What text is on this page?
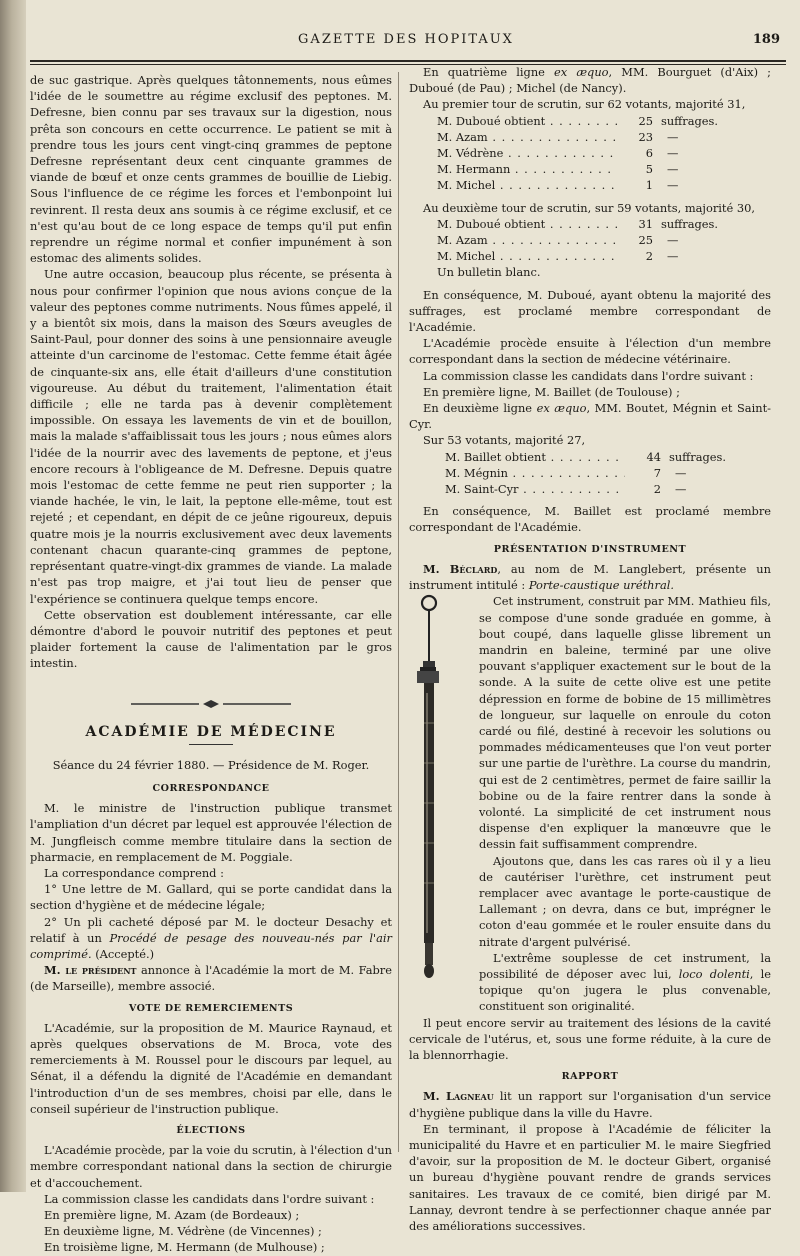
GAZETTE DES HOPITAUX	189

de suc gastrique. Après quelques tâtonnements, nous eûmes l'idée de le soumettre au régime exclusif des peptones. M. Defresne, bien connu par ses travaux sur la digestion, nous prêta son concours en cette occurrence. Le patient se mit à prendre tous les jours cent vingt-cinq grammes de peptone Defresne représentant deux cent cinquante grammes de viande de bœuf et onze cents grammes de bouillie de Liebig. Sous l'influence de ce régime les forces et l'embonpoint lui revinrent. Il resta deux ans soumis à ce régime exclusif, et ce n'est qu'au bout de ce long espace de temps qu'il put enfin reprendre un régime normal et confier impunément à son estomac des aliments solides.

Une autre occasion, beaucoup plus récente, se présenta à nous pour confirmer l'opinion que nous avions conçue de la valeur des peptones comme nutriments. Nous fûmes appelé, il y a bientôt six mois, dans la maison des Sœurs aveugles de Saint-Paul, pour donner des soins à une pensionnaire aveugle atteinte d'un carcinome de l'estomac. Cette femme était âgée de cinquante-six ans, elle était d'ailleurs d'une constitution vigoureuse. Au début du traitement, l'alimentation était difficile ; elle ne tarda pas à devenir complètement impossible. On essaya les lavements de vin et de bouillon, mais la malade s'affaiblissait tous les jours ; nous eûmes alors l'idée de la nourrir avec des lavements de peptone, et j'eus encore recours à l'obligeance de M. Defresne. Depuis quatre mois l'estomac de cette femme ne peut rien supporter ; la viande hachée, le vin, le lait, la peptone elle-même, tout est rejeté ; et cependant, en dépit de ce jeûne rigoureux, depuis quatre mois je la nourris exclusivement avec deux lavements contenant chacun quarante-cinq grammes de peptone, représentant quatre-vingt-dix grammes de viande. La malade n'est pas trop maigre, et j'ai tout lieu de penser que l'expérience se continuera quelque temps encore.

Cette observation est doublement intéressante, car elle démontre d'abord le pouvoir nutritif des peptones et peut plaider fortement la cause de l'alimentation par le gros intestin.

ACADÉMIE DE MÉDECINE

Séance du 24 février 1880. — Présidence de M. Roger.

CORRESPONDANCE

M. le ministre de l'instruction publique transmet l'ampliation d'un décret par lequel est approuvée l'élection de M. Jungfleisch comme membre titulaire dans la section de pharmacie, en remplacement de M. Poggiale.

La correspondance comprend :

1° Une lettre de M. Gallard, qui se porte candidat dans la section d'hygiène et de médecine légale;

2° Un pli cacheté déposé par M. le docteur Desachy et relatif à un Procédé de pesage des nouveau-nés par l'air comprimé. (Accepté.)

M. le président annonce à l'Académie la mort de M. Fabre (de Marseille), membre associé.

VOTE DE REMERCIEMENTS

L'Académie, sur la proposition de M. Maurice Raynaud, et après quelques observations de M. Broca, vote des remerciements à M. Roussel pour le discours par lequel, au Sénat, il a défendu la dignité de l'Académie en demandant l'introduction d'un de ses membres, choisi par elle, dans le conseil supérieur de l'instruction publique.

ÉLECTIONS

L'Académie procède, par la voie du scrutin, à l'élection d'un membre correspondant national dans la section de chirurgie et d'accouchement.

La commission classe les candidats dans l'ordre suivant :

En première ligne, M. Azam (de Bordeaux) ;

En deuxième ligne, M. Védrène (de Vincennes) ;

En troisième ligne, M. Hermann (de Mulhouse) ;

En quatrième ligne ex æquo, MM. Bourguet (d'Aix) ; Duboué (de Pau) ; Michel (de Nancy).

Au premier tour de scrutin, sur 62 votants, majorité 31,

M. Duboué obtient . . .	25 suffrages.
M. Azam . . .	23	—
M. Védrène . . .	6	—
M. Hermann . . .	5	—
M. Michel . . .	1	—

Au deuxième tour de scrutin, sur 59 votants, majorité 30,

M. Duboué obtient . . .	31 suffrages.
M. Azam . . .	25	—
M. Michel . . .	2	—

Un bulletin blanc.

En conséquence, M. Duboué, ayant obtenu la majorité des suffrages, est proclamé membre correspondant de l'Académie.

L'Académie procède ensuite à l'élection d'un membre correspondant dans la section de médecine vétérinaire.

La commission classe les candidats dans l'ordre suivant :

En première ligne, M. Baillet (de Toulouse) ;

En deuxième ligne ex æquo, MM. Boutet, Mégnin et Saint-Cyr.

Sur 53 votants, majorité 27,

M. Baillet obtient . . .	44 suffrages.
M. Mégnin . . .	7	—
M. Saint-Cyr . . .	2	—

En conséquence, M. Baillet est proclamé membre correspondant de l'Académie.

PRÉSENTATION D'INSTRUMENT

M. Béclard, au nom de M. Langlebert, présente un instrument intitulé : Porte-caustique uréthral.

Cet instrument, construit par MM. Mathieu fils, se compose d'une sonde graduée en gomme, à bout coupé, dans laquelle glisse librement un mandrin en baleine, terminé par une olive pouvant s'appliquer exactement sur le bout de la sonde. A la suite de cette olive est une petite dépression en forme de bobine de 15 millimètres de longueur, sur laquelle on enroule du coton cardé ou filé, destiné à recevoir les solutions ou pommades médicamenteuses que l'on veut porter sur une partie de l'urèthre. La course du mandrin, qui est de 2 centimètres, permet de faire saillir la bobine ou de la faire rentrer dans la sonde à volonté. La simplicité de cet instrument nous dispense d'en expliquer la manœuvre que le dessin fait suffisamment comprendre.

Ajoutons que, dans les cas rares où il y a lieu de cautériser l'urèthre, cet instrument peut remplacer avec avantage le porte-caustique de Lallemant ; on devra, dans ce but, imprégner le coton d'eau gommée et le rouler ensuite dans du nitrate d'argent pulvérisé.

L'extrême souplesse de cet instrument, la possibilité de déposer avec lui, loco dolenti, le topique qu'on jugera le plus convenable, constituent son originalité.

Il peut encore servir au traitement des lésions de la cavité cervicale de l'utérus, et, sous une forme réduite, à la cure de la blennorrhagie.

RAPPORT

M. Lagneau lit un rapport sur l'organisation d'un service d'hygiène publique dans la ville du Havre.

En terminant, il propose à l'Académie de féliciter la municipalité du Havre et en particulier M. le maire Siegfried d'avoir, sur la proposition de M. le docteur Gibert, organisé un bureau d'hygiène pouvant rendre de grands services sanitaires. Les travaux de ce comité, bien dirigé par M. Lannay, devront tendre à se perfectionner chaque année par des améliorations successives.
